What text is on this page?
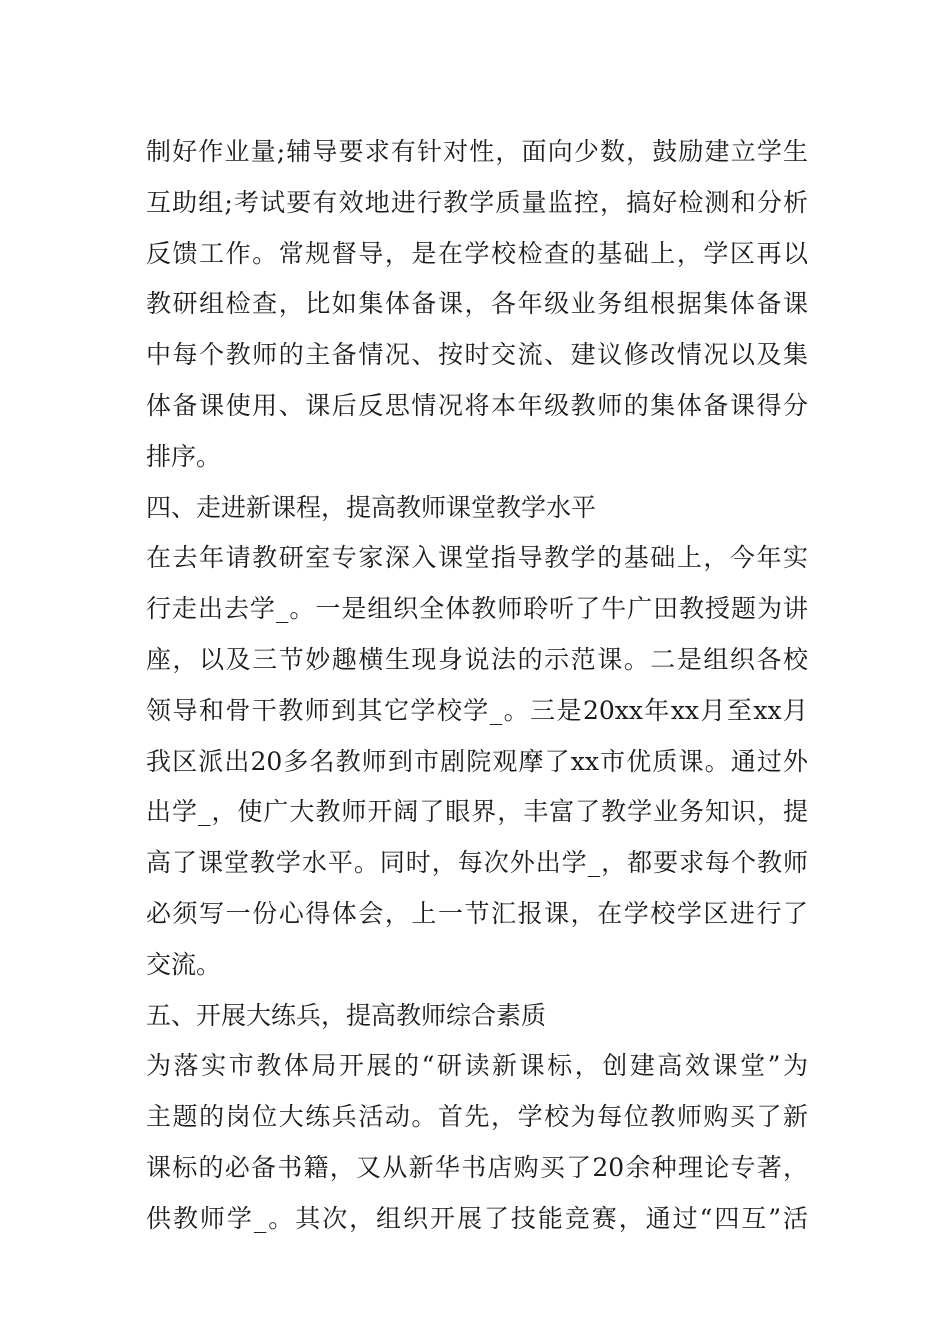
制好作业量;辅导要求有针对性，面向少数，鼓励建立学生
互助组;考试要有效地进行教学质量监控，搞好检测和分析
反馈工作。常规督导，是在学校检查的基础上，学区再以
教研组检查，比如集体备课，各年级业务组根据集体备课
中每个教师的主备情况、按时交流、建议修改情况以及集
体备课使用、课后反思情况将本年级教师的集体备课得分
排序。
四、走进新课程，提高教师课堂教学水平
在去年请教研室专家深入课堂指导教学的基础上，今年实
行走出去学_。一是组织全体教师聆听了牛广田教授题为讲
座，以及三节妙趣横生现身说法的示范课。二是组织各校
领导和骨干教师到其它学校学_。三是20xx年xx月至xx月
我区派出20多名教师到市剧院观摩了xx市优质课。通过外
出学_，使广大教师开阔了眼界，丰富了教学业务知识，提
高了课堂教学水平。同时，每次外出学_，都要求每个教师
必须写一份心得体会，上一节汇报课，在学校学区进行了
交流。
五、开展大练兵，提高教师综合素质
为落实市教体局开展的“研读新课标，创建高效课堂”为
主题的岗位大练兵活动。首先，学校为每位教师购买了新
课标的必备书籍，又从新华书店购买了20余种理论专著，
供教师学_。其次，组织开展了技能竞赛，通过“四互”活
